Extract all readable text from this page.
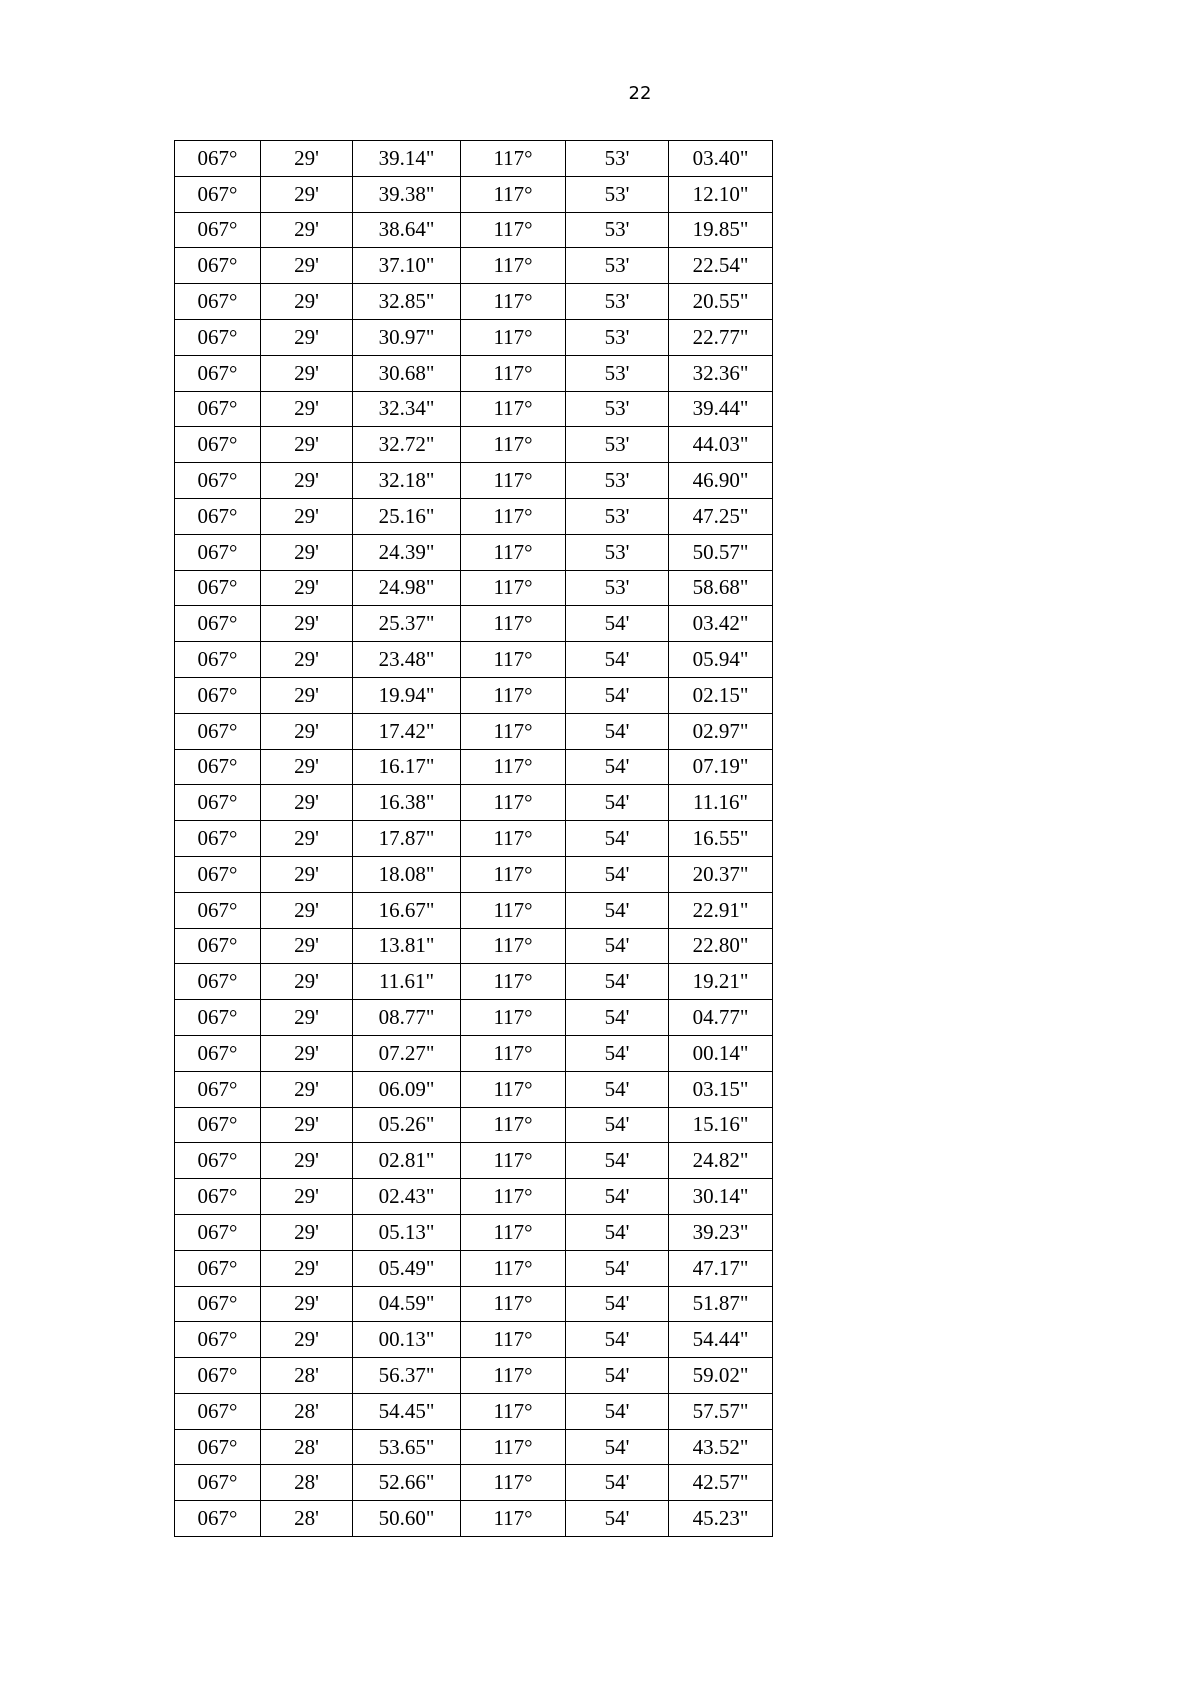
22
067°	29'	39.14"	117°	53'	03.40"
067°	29'	39.38"	117°	53'	12.10"
067°	29'	38.64"	117°	53'	19.85"
067°	29'	37.10"	117°	53'	22.54"
067°	29'	32.85"	117°	53'	20.55"
067°	29'	30.97"	117°	53'	22.77"
067°	29'	30.68"	117°	53'	32.36"
067°	29'	32.34"	117°	53'	39.44"
067°	29'	32.72"	117°	53'	44.03"
067°	29'	32.18"	117°	53'	46.90"
067°	29'	25.16"	117°	53'	47.25"
067°	29'	24.39"	117°	53'	50.57"
067°	29'	24.98"	117°	53'	58.68"
067°	29'	25.37"	117°	54'	03.42"
067°	29'	23.48"	117°	54'	05.94"
067°	29'	19.94"	117°	54'	02.15"
067°	29'	17.42"	117°	54'	02.97"
067°	29'	16.17"	117°	54'	07.19"
067°	29'	16.38"	117°	54'	11.16"
067°	29'	17.87"	117°	54'	16.55"
067°	29'	18.08"	117°	54'	20.37"
067°	29'	16.67"	117°	54'	22.91"
067°	29'	13.81"	117°	54'	22.80"
067°	29'	11.61"	117°	54'	19.21"
067°	29'	08.77"	117°	54'	04.77"
067°	29'	07.27"	117°	54'	00.14"
067°	29'	06.09"	117°	54'	03.15"
067°	29'	05.26"	117°	54'	15.16"
067°	29'	02.81"	117°	54'	24.82"
067°	29'	02.43"	117°	54'	30.14"
067°	29'	05.13"	117°	54'	39.23"
067°	29'	05.49"	117°	54'	47.17"
067°	29'	04.59"	117°	54'	51.87"
067°	29'	00.13"	117°	54'	54.44"
067°	28'	56.37"	117°	54'	59.02"
067°	28'	54.45"	117°	54'	57.57"
067°	28'	53.65"	117°	54'	43.52"
067°	28'	52.66"	117°	54'	42.57"
067°	28'	50.60"	117°	54'	45.23"
